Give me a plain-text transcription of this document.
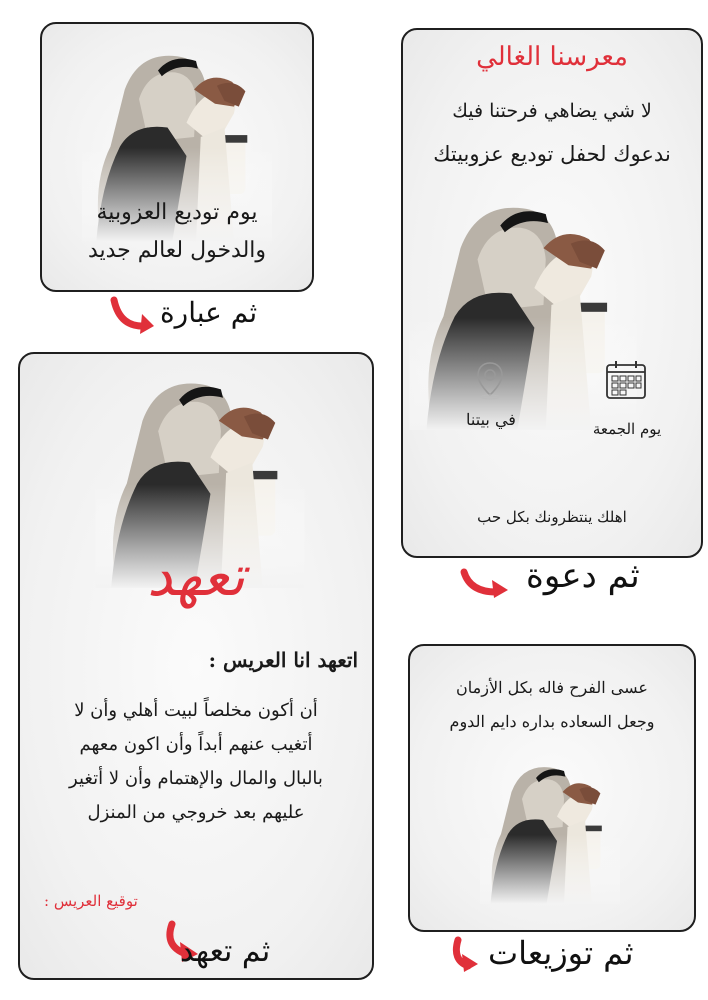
يوم توديع العزوبية
والدخول لعالم جديد
ثم عبارة
معرسنا الغالي
لا شي يضاهي فرحتنا فيك
ندعوك لحفل توديع عزوبيتك
يوم الجمعة
في بيتنا
اهلك ينتظرونك بكل حب
ثم دعوة
تعهد
اتعهد انا العريس :
أن أكون مخلصاً لبيت أهلي وأن لا
أتغيب عنهم أبداً وأن اكون معهم
بالبال والمال والإهتمام وأن لا أتغير
عليهم بعد خروجي من المنزل
توقيع العريس :
ثم تعهد
عسى الفرح فاله بكل الأزمان
وجعل السعاده بداره دايم الدوم
ثم توزيعات
